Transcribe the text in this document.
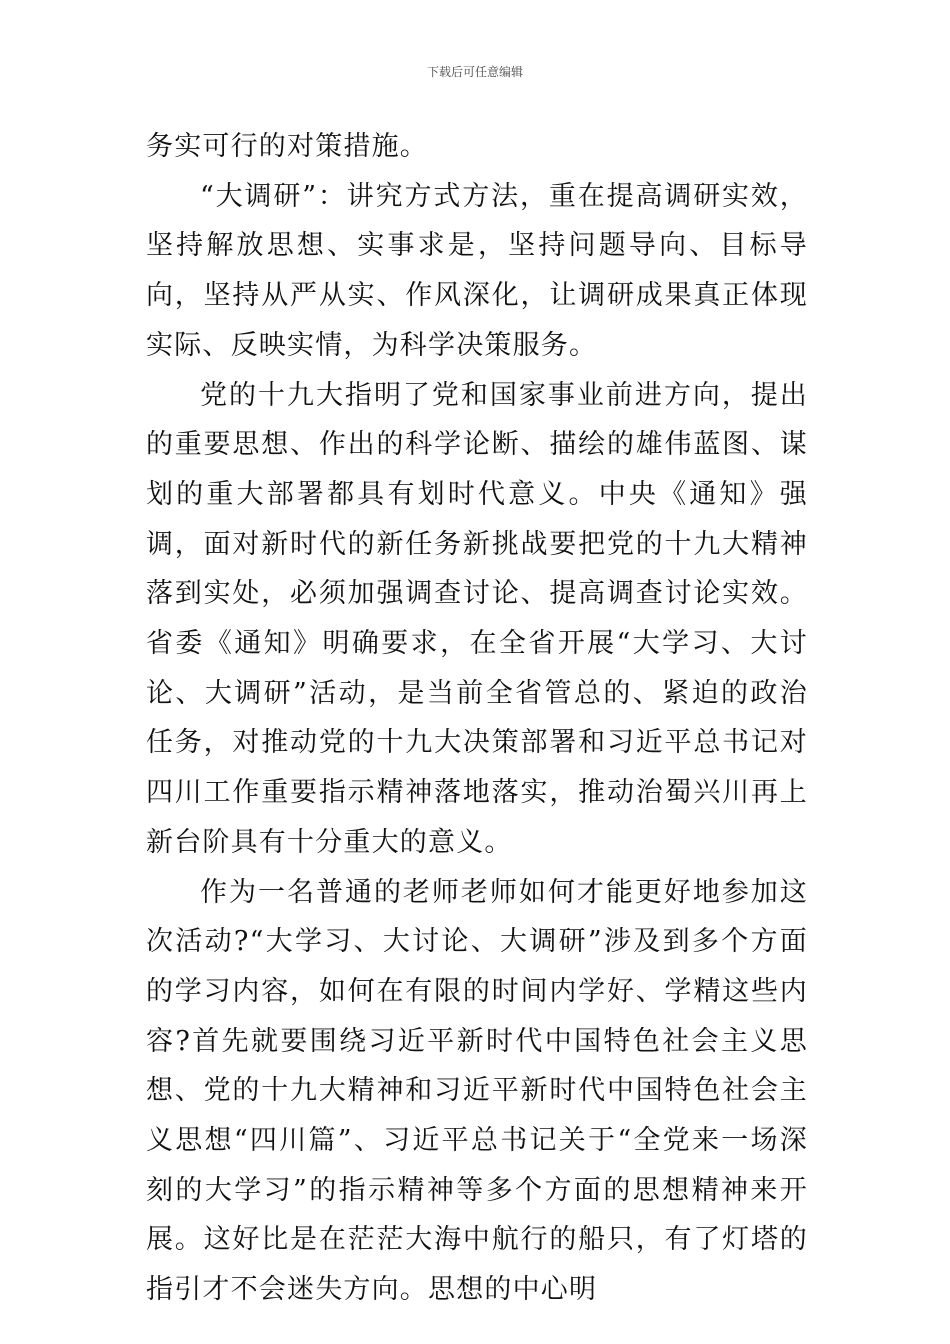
下载后可任意编辑

务实可行的对策措施。

“大调研”：讲究方式方法，重在提高调研实效，坚持解放思想、实事求是，坚持问题导向、目标导向，坚持从严从实、作风深化，让调研成果真正体现实际、反映实情，为科学决策服务。

党的十九大指明了党和国家事业前进方向，提出的重要思想、作出的科学论断、描绘的雄伟蓝图、谋划的重大部署都具有划时代意义。中央《通知》强调，面对新时代的新任务新挑战要把党的十九大精神落到实处，必须加强调查讨论、提高调查讨论实效。省委《通知》明确要求，在全省开展“大学习、大讨论、大调研”活动，是当前全省管总的、紧迫的政治任务，对推动党的十九大决策部署和习近平总书记对四川工作重要指示精神落地落实，推动治蜀兴川再上新台阶具有十分重大的意义。

作为一名普通的老师老师如何才能更好地参加这次活动?“大学习、大讨论、大调研”涉及到多个方面的学习内容，如何在有限的时间内学好、学精这些内容?首先就要围绕习近平新时代中国特色社会主义思想、党的十九大精神和习近平新时代中国特色社会主义思想“四川篇”、习近平总书记关于“全党来一场深刻的大学习”的指示精神等多个方面的思想精神来开展。这好比是在茫茫大海中航行的船只，有了灯塔的指引才不会迷失方向。思想的中心明
